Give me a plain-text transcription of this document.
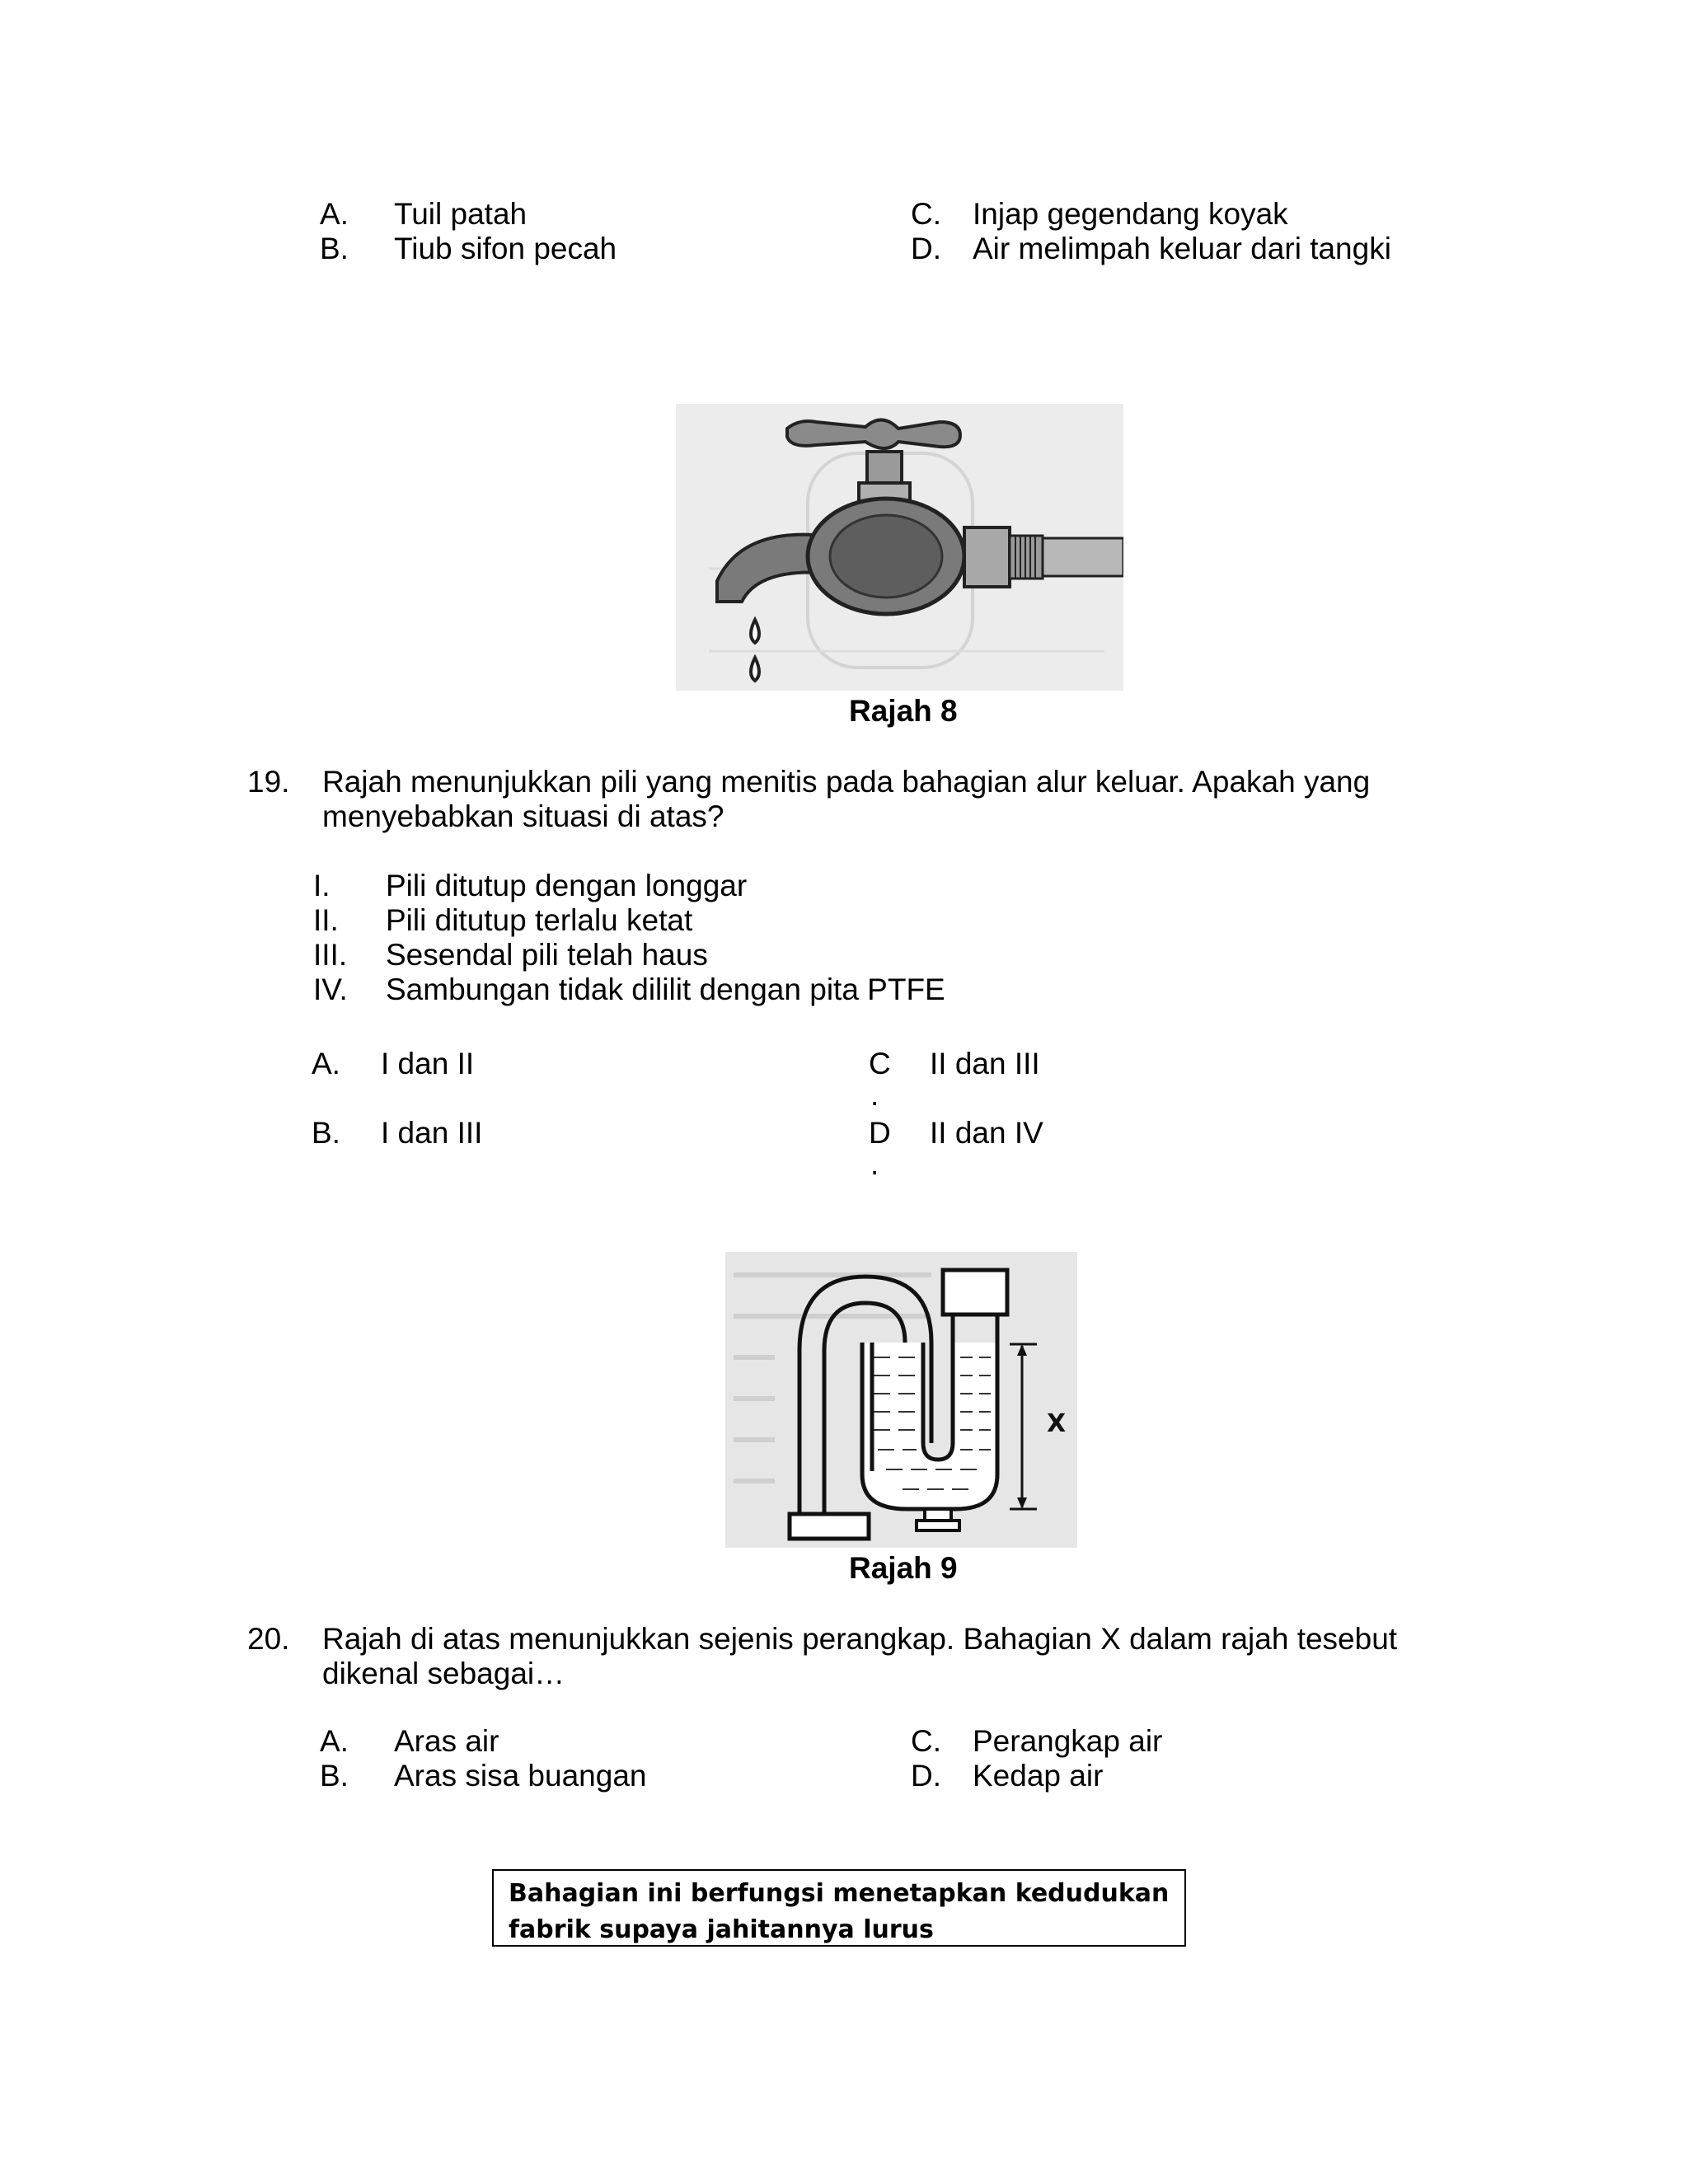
A. Tuil patah
B. Tiub sifon pecah
C. Injap gegendang koyak
D. Air melimpah keluar dari tangki
Rajah 8
19. Rajah menunjukkan pili yang menitis pada bahagian alur keluar. Apakah yang
menyebabkan situasi di atas?
I. Pili ditutup dengan longgar
II. Pili ditutup terlalu ketat
III. Sesendal pili telah haus
IV. Sambungan tidak dililit dengan pita PTFE
A. I dan II
B. I dan III
C
.
II dan III
D
.
II dan IV
X
Rajah 9
20. Rajah di atas menunjukkan sejenis perangkap. Bahagian X dalam rajah tesebut
dikenal sebagai…
A. Aras air
B. Aras sisa buangan
C. Perangkap air
D. Kedap air
Bahagian ini berfungsi menetapkan kedudukan
fabrik supaya jahitannya lurus
